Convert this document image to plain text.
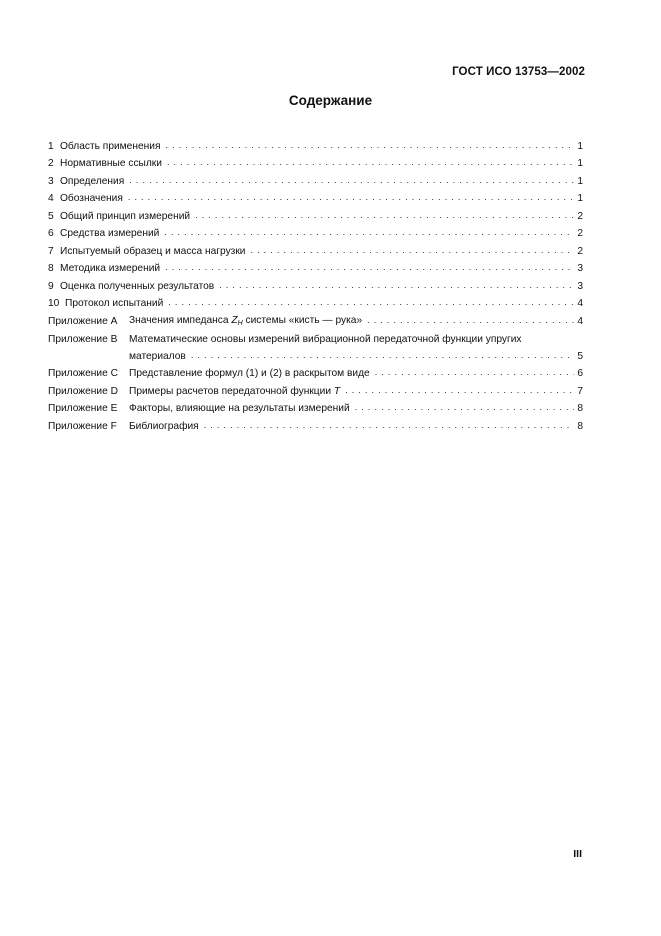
ГОСТ ИСО 13753—2002
Содержание
1 Область применения . . .	1
2 Нормативные ссылки . . .	1
3 Определения . . .	1
4 Обозначения . . .	1
5 Общий принцип измерений . . .	2
6 Средства измерений . . .	2
7 Испытуемый образец и масса нагрузки . . .	2
8 Методика измерений . . .	3
9 Оценка полученных результатов . . .	3
10 Протокол испытаний . . .	4
Приложение А	Значения импеданса $Z_H$ системы «кисть — рука» . . .	4
Приложение В	Математические основы измерений вибрационной передаточной функции упругих
материалов . . .	5
Приложение С	Представление формул (1) и (2) в раскрытом виде . . .	6
Приложение D	Примеры расчетов передаточной функции T . . .	7
Приложение Е	Факторы, влияющие на результаты измерений . . .	8
Приложение F	Библиография . . .	8
III
